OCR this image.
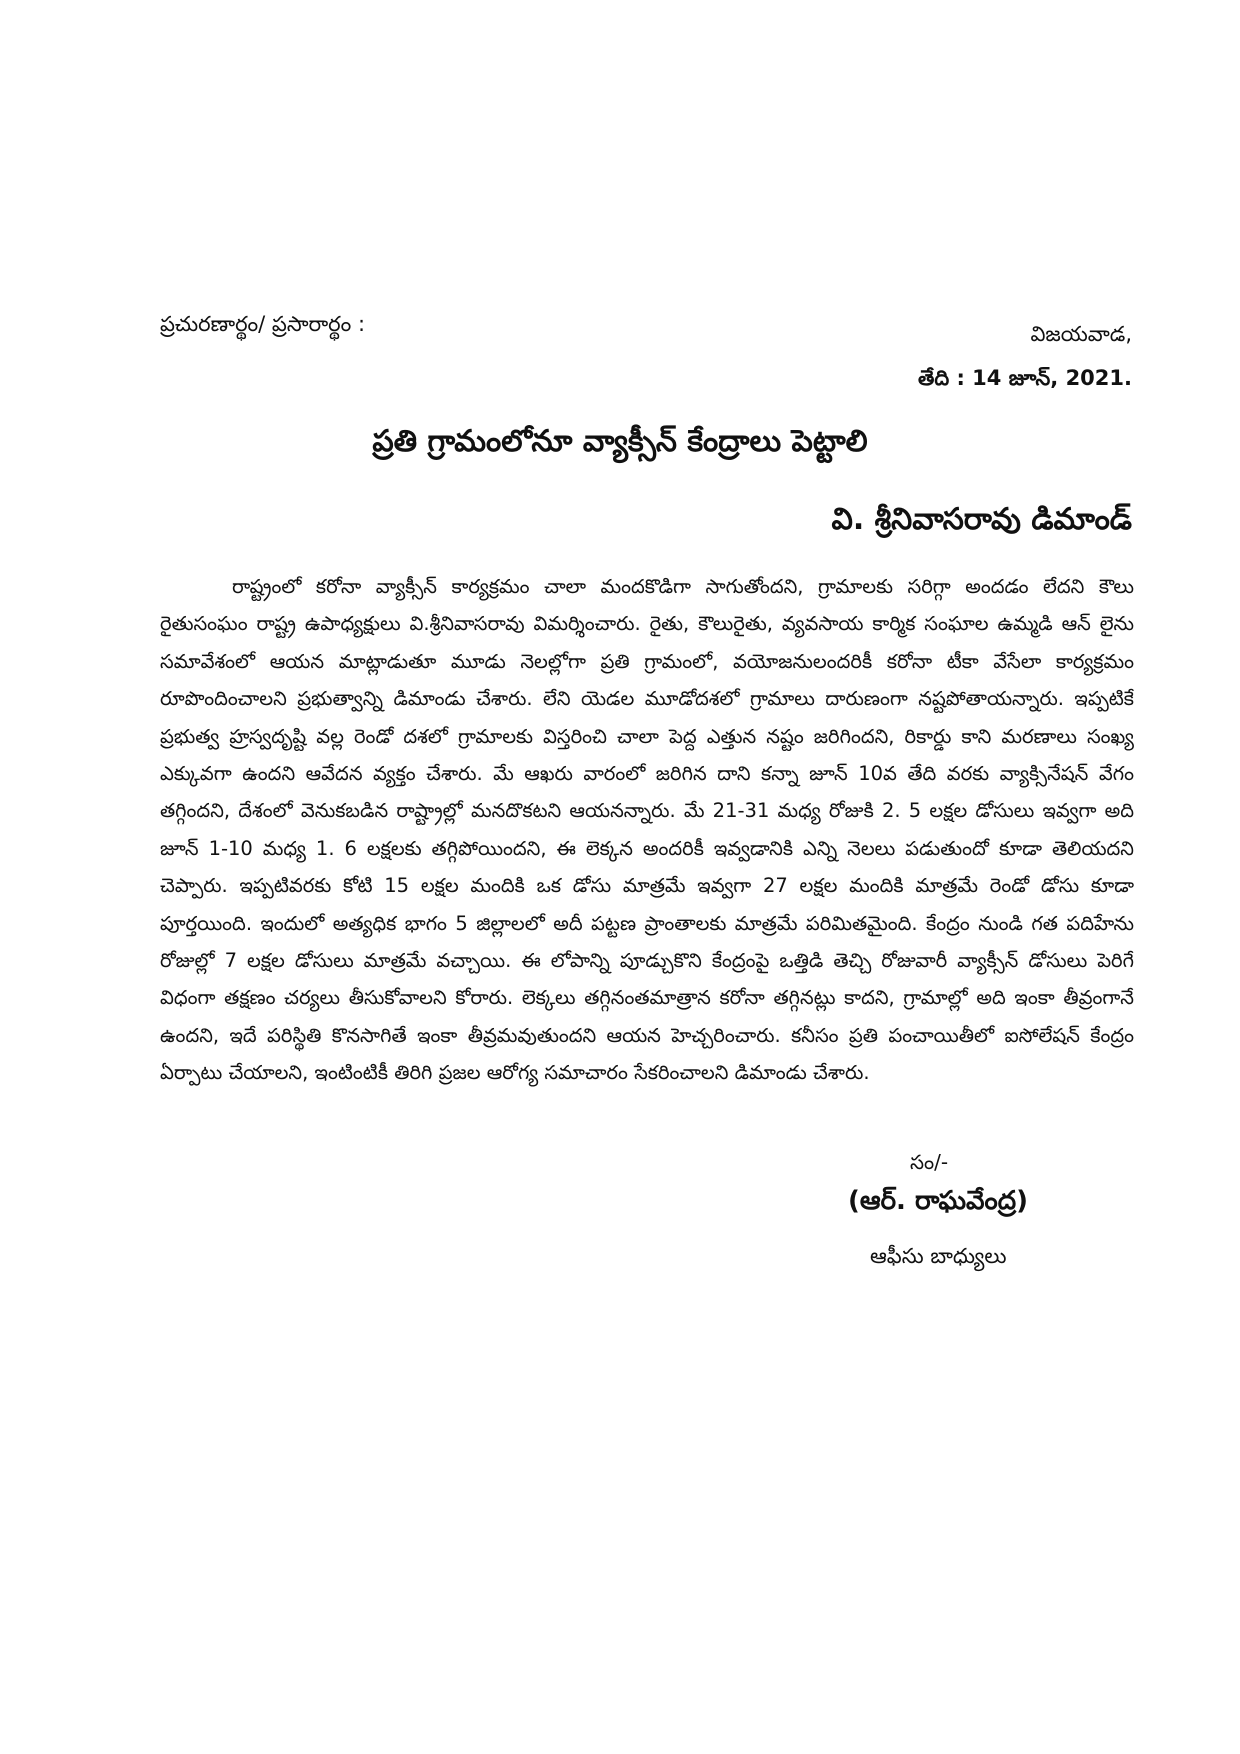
ప్రచురణార్థం/ ప్రసారార్థం :	విజయవాడ,
తేది : 14 జూన్, 2021.
ప్రతి గ్రామంలోనూ వ్యాక్సీన్ కేంద్రాలు పెట్టాలి
వి. శ్రీనివాసరావు డిమాండ్

రాష్ట్రంలో కరోనా వ్యాక్సీన్ కార్యక్రమం చాలా మందకొడిగా సాగుతోందని, గ్రామాలకు సరిగ్గా అందడం లేదని కౌలు రైతుసంఘం రాష్ట్ర ఉపాధ్యక్షులు వి.శ్రీనివాసరావు విమర్శించారు. రైతు, కౌలురైతు, వ్యవసాయ కార్మిక సంఘాల ఉమ్మడి ఆన్ లైను సమావేశంలో ఆయన మాట్లాడుతూ మూడు నెలల్లోగా ప్రతి గ్రామంలో, వయోజనులందరికీ కరోనా టీకా వేసేలా కార్యక్రమం రూపొందించాలని ప్రభుత్వాన్ని డిమాండు చేశారు. లేని యెడల మూడోదశలో గ్రామాలు దారుణంగా నష్టపోతాయన్నారు. ఇప్పటికే ప్రభుత్వ హ్రస్వదృష్టి వల్ల రెండో దశలో గ్రామాలకు విస్తరించి చాలా పెద్ద ఎత్తున నష్టం జరిగిందని, రికార్డు కాని మరణాలు సంఖ్య ఎక్కువగా ఉందని ఆవేదన వ్యక్తం చేశారు. మే ఆఖరు వారంలో జరిగిన దాని కన్నా జూన్ 10వ తేది వరకు వ్యాక్సినేషన్ వేగం తగ్గిందని, దేశంలో వెనుకబడిన రాష్ట్రాల్లో మనదొకటని ఆయనన్నారు. మే 21-31 మధ్య రోజుకి 2. 5 లక్షల డోసులు ఇవ్వగా అది జూన్ 1-10 మధ్య 1. 6 లక్షలకు తగ్గిపోయిందని, ఈ లెక్కన అందరికీ ఇవ్వడానికి ఎన్ని నెలలు పడుతుందో కూడా తెలియదని చెప్పారు. ఇప్పటివరకు కోటి 15 లక్షల మందికి ఒక డోసు మాత్రమే ఇవ్వగా 27 లక్షల మందికి మాత్రమే రెండో డోసు కూడా పూర్తయింది. ఇందులో అత్యధిక భాగం 5 జిల్లాలలో అదీ పట్టణ ప్రాంతాలకు మాత్రమే పరిమితమైంది. కేంద్రం నుండి గత పదిహేను రోజుల్లో 7 లక్షల డోసులు మాత్రమే వచ్చాయి. ఈ లోపాన్ని పూడ్చుకొని కేంద్రంపై ఒత్తిడి తెచ్చి రోజువారీ వ్యాక్సీన్ డోసులు పెరిగే విధంగా తక్షణం చర్యలు తీసుకోవాలని కోరారు. లెక్కలు తగ్గినంతమాత్రాన కరోనా తగ్గినట్లు కాదని, గ్రామాల్లో అది ఇంకా తీవ్రంగానే ఉందని, ఇదే పరిస్థితి కొనసాగితే ఇంకా తీవ్రమవుతుందని ఆయన హెచ్చరించారు. కనీసం ప్రతి పంచాయితీలో ఐసోలేషన్ కేంద్రం ఏర్పాటు చేయాలని, ఇంటింటికీ తిరిగి ప్రజల ఆరోగ్య సమాచారం సేకరించాలని డిమాండు చేశారు.

సం/-
(ఆర్. రాఘవేంద్ర)
ఆఫీసు బాధ్యులు
